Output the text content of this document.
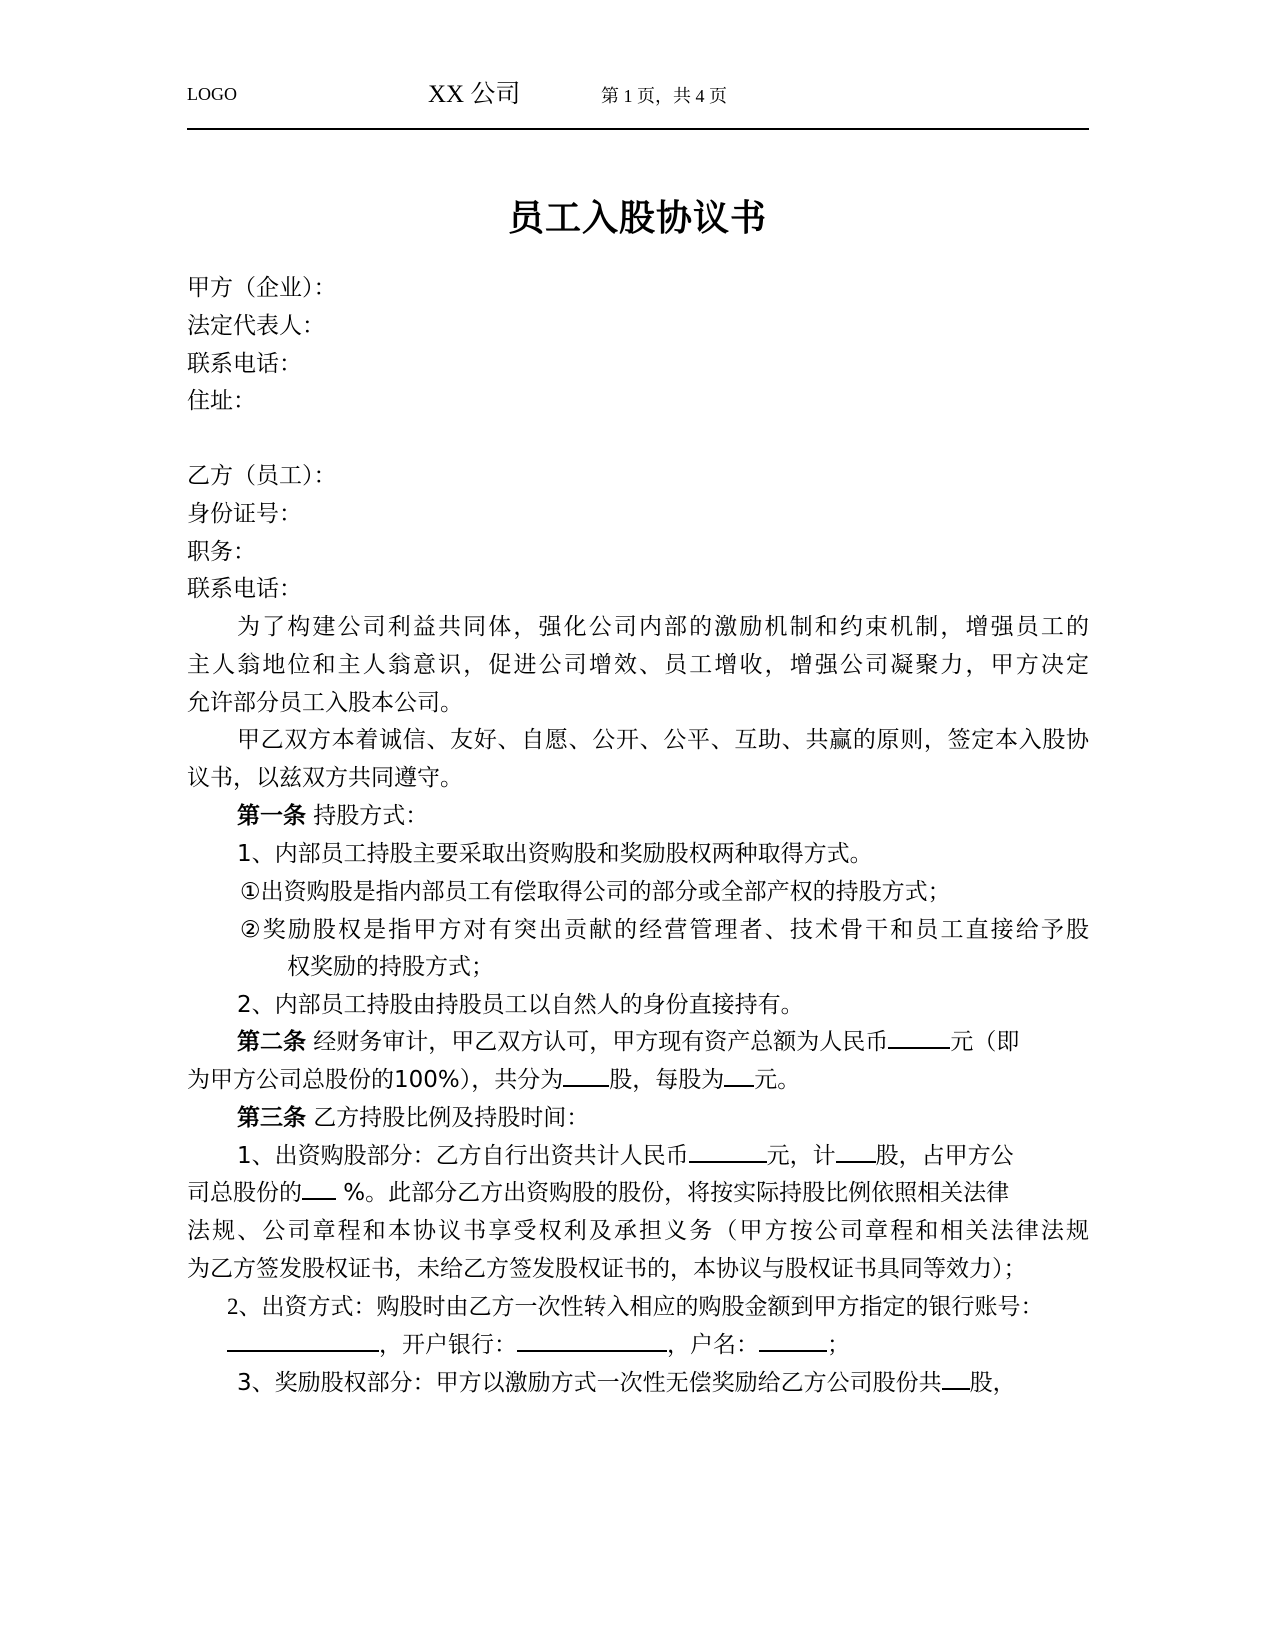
LOGO	XX 公司	第 1 页，共 4 页
员工入股协议书
甲方（企业）：
法定代表人：
联系电话：
住址：
乙方（员工）：
身份证号：
职务：
联系电话：
为了构建公司利益共同体，强化公司内部的激励机制和约束机制，增强员工的
主人翁地位和主人翁意识，促进公司增效、员工增收，增强公司凝聚力，甲方决定
允许部分员工入股本公司。
甲乙双方本着诚信、友好、自愿、公开、公平、互助、共赢的原则，签定本入股协
议书，以兹双方共同遵守。
第一条 持股方式：
1、内部员工持股主要采取出资购股和奖励股权两种取得方式。
①出资购股是指内部员工有偿取得公司的部分或全部产权的持股方式；
②奖励股权是指甲方对有突出贡献的经营管理者、技术骨干和员工直接给予股
权奖励的持股方式；
2、内部员工持股由持股员工以自然人的身份直接持有。
第二条 经财务审计，甲乙双方认可，甲方现有资产总额为人民币	元（即
为甲方公司总股份的100%），共分为 股，每股为 元。
第三条 乙方持股比例及持股时间：
1、出资购股部分：乙方自行出资共计人民币	元，计 股，占甲方公
司总股份的 %。此部分乙方出资购股的股份，将按实际持股比例依照相关法律
法规、公司章程和本协议书享受权利及承担义务（甲方按公司章程和相关法律法规
为乙方签发股权证书，未给乙方签发股权证书的，本协议与股权证书具同等效力）；
2、出资方式：购股时由乙方一次性转入相应的购股金额到甲方指定的银行账号：
，开户银行：	，户名：	；
3、奖励股权部分：甲方以激励方式一次性无偿奖励给乙方公司股份共 股，
